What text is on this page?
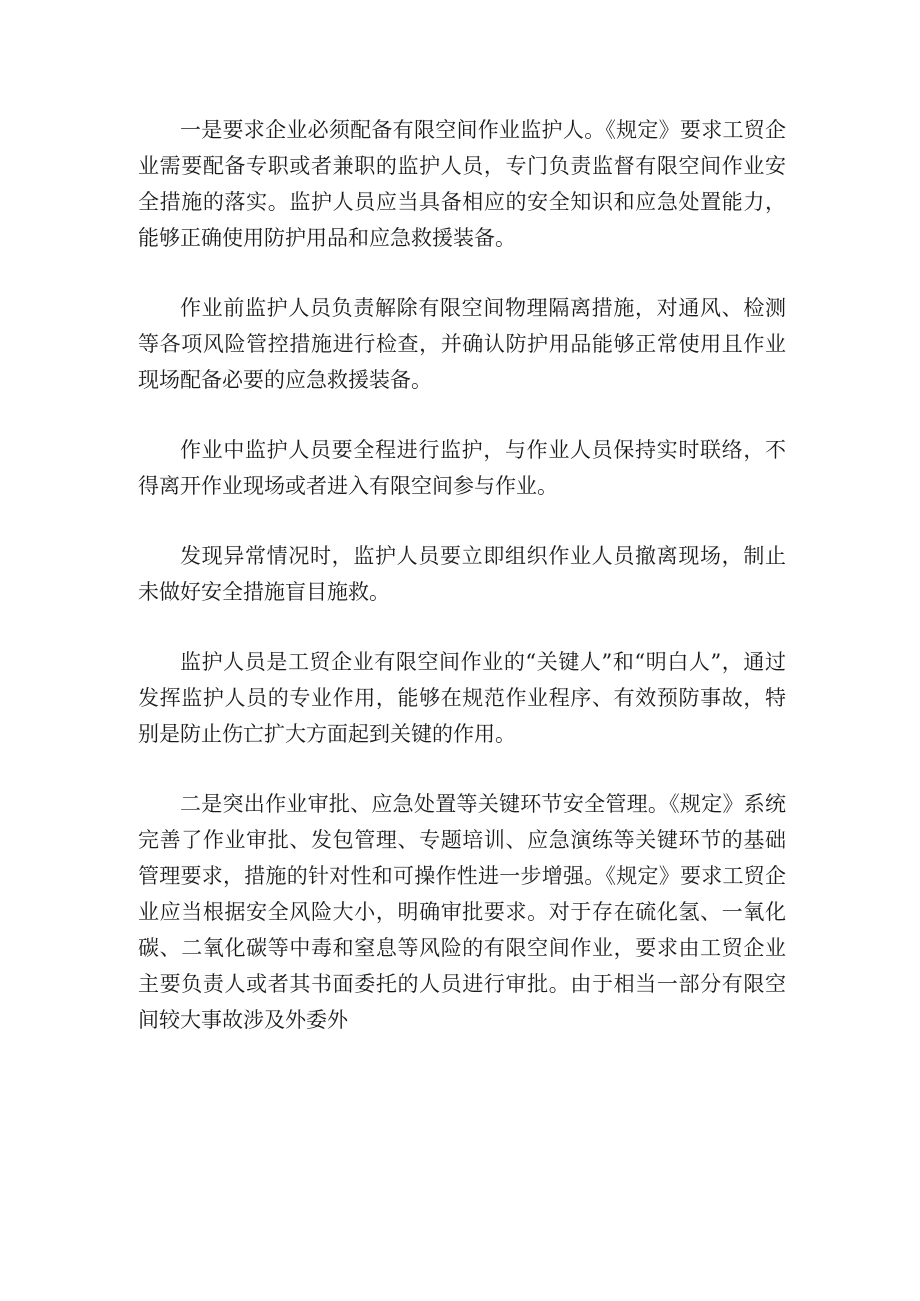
一是要求企业必须配备有限空间作业监护人。《规定》要求工贸企业需要配备专职或者兼职的监护人员，专门负责监督有限空间作业安全措施的落实。监护人员应当具备相应的安全知识和应急处置能力，能够正确使用防护用品和应急救援装备。

作业前监护人员负责解除有限空间物理隔离措施，对通风、检测等各项风险管控措施进行检查，并确认防护用品能够正常使用且作业现场配备必要的应急救援装备。

作业中监护人员要全程进行监护，与作业人员保持实时联络，不得离开作业现场或者进入有限空间参与作业。

发现异常情况时，监护人员要立即组织作业人员撤离现场，制止未做好安全措施盲目施救。

监护人员是工贸企业有限空间作业的“关键人”和“明白人”，通过发挥监护人员的专业作用，能够在规范作业程序、有效预防事故，特别是防止伤亡扩大方面起到关键的作用。

二是突出作业审批、应急处置等关键环节安全管理。《规定》系统完善了作业审批、发包管理、专题培训、应急演练等关键环节的基础管理要求，措施的针对性和可操作性进一步增强。《规定》要求工贸企业应当根据安全风险大小，明确审批要求。对于存在硫化氢、一氧化碳、二氧化碳等中毒和窒息等风险的有限空间作业，要求由工贸企业主要负责人或者其书面委托的人员进行审批。由于相当一部分有限空间较大事故涉及外委外
